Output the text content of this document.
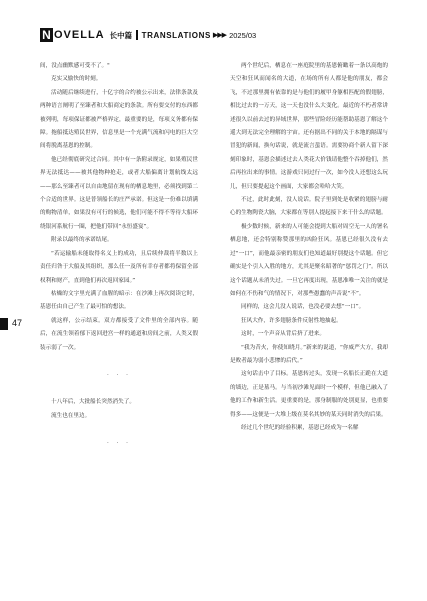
N OVELLA 长中篇 TRANSLATIONS ▶▶▶ 2025/03
47

间，没点幽默感可受不了。"

克实又愉快的时刻。

活动随后继续进行，十亿字的合约被公示出来，法律条款及两种语言阐明了至臻者和大船商定的条款。所有要交付的东西都被列明，每项保证都被严格界定，最重要的是，每项义务都有保障。拖船抵达殖民世界，信息里是一个充满气流和闪电的巨大空间将脱离基恩的控制。

他已经彻底研究过合同。其中有一条附录规定，如果殖民世界无法抵达——被其他物种抢走，或者大船偏离计划航线太远——那么至臻者可以自由地留在现有的栖息地里，必须找到第二个合适的世界。这是普领船长的庄严承诺。但这是一份难以填满的购物清单，如果没有可行的候选，他们可能不得不等待大船环绕银河系航行一圈，把他们带回“永恒盛宴”。

附录以最终的承诺结尾。

“若运输船未能取得名义上的成功，且后续仲裁将半数以上责任归咎于大船及其组织，那么任一及所有幸存者都将保留全部权利和财产，直到他们再次返回家园。”

枯燥的文字里充满了血腥的暗示：在沙滩上再次阅读它时，基恩任由自己产生了最可怕的想法。

就这样，公示结束。双方都接受了文件里的全部内容。随后，在流生领着郁下返回进宫一样的通道和房间之前，人类又假装示弱了一次。

· · ·

十八年后，大批船长突然消失了。

流生也在里边。

· · ·

两个世纪后，栖息在一座庭院里的基恩俯瞰着一条以高炮的天空和狂风而闻名的大道，在场的所有人都是他的朋友，都会飞，不过那里拥有依靠的是与他们的履甲身躯相匹配的假翅膀，相比过去的一万天，这一天也没什么大变化。最近的不朽者常讲述很久以前去过的异域世界，那些冒险经历能帮助基恩了解这个遥大到无法完全理解的宇宙。还有据出不同的关于本地的隔谋与冒犯的新闻，换句话说，就是流言蜚语。需要协商个新人留下深刻印象时，基恩会描述过去人类花大价钱请他整个吞掉他们，然后再拉出来的事情。这游戏只同过行一次，如今没人还想这么玩儿，但只要提起这个画面，大家都会哈哈大笑。

不过，此时此刻，没人说话。院子里到处是收紧的翅膀与耐心的生物陶瓷大脑，大家都在等别人提起接下来干什么的话题。

极少数时候，新来的人可能会提到大船对周空无一人的署名栖息地，还会特别称赞那里的凶险狂风。基恩已经很久没有去过“一口”，而他最亲密的朋友们也知道最好别提这个话题。但它确实是个引人入胜的地方，尤其是聚名昭著的“惩罚之门”。所以这个话题从未消失过。一旦它再度出现，基恩准唯一关注的就是如何在不伤和气的情况下，对那些愚蠢的声音说“不”。

同样的，这会儿没人说话，也没必要去想“一口”。

狂风大作，许多翅膀条件反射性地抽起。

这时，一个声音从背后挤了进来。

“我为昔火，你使知晓月。”新来的说道，“你威严大方，我却是败者最为弱小悲惨的后代。”

这句话击中了目标。基恩转过头，发现一名船长正跪在大道的墙边，正是墓马。与当初沙滩见面时一个模样，但他已融入了他的工作和新生活。更重要的是，那身制服的处别更显，也重要得多——这便是一大堆上级在莫名其妙的某天同时消失的后果。

经过几个世纪的经验积累，基恩已经成为一名解
